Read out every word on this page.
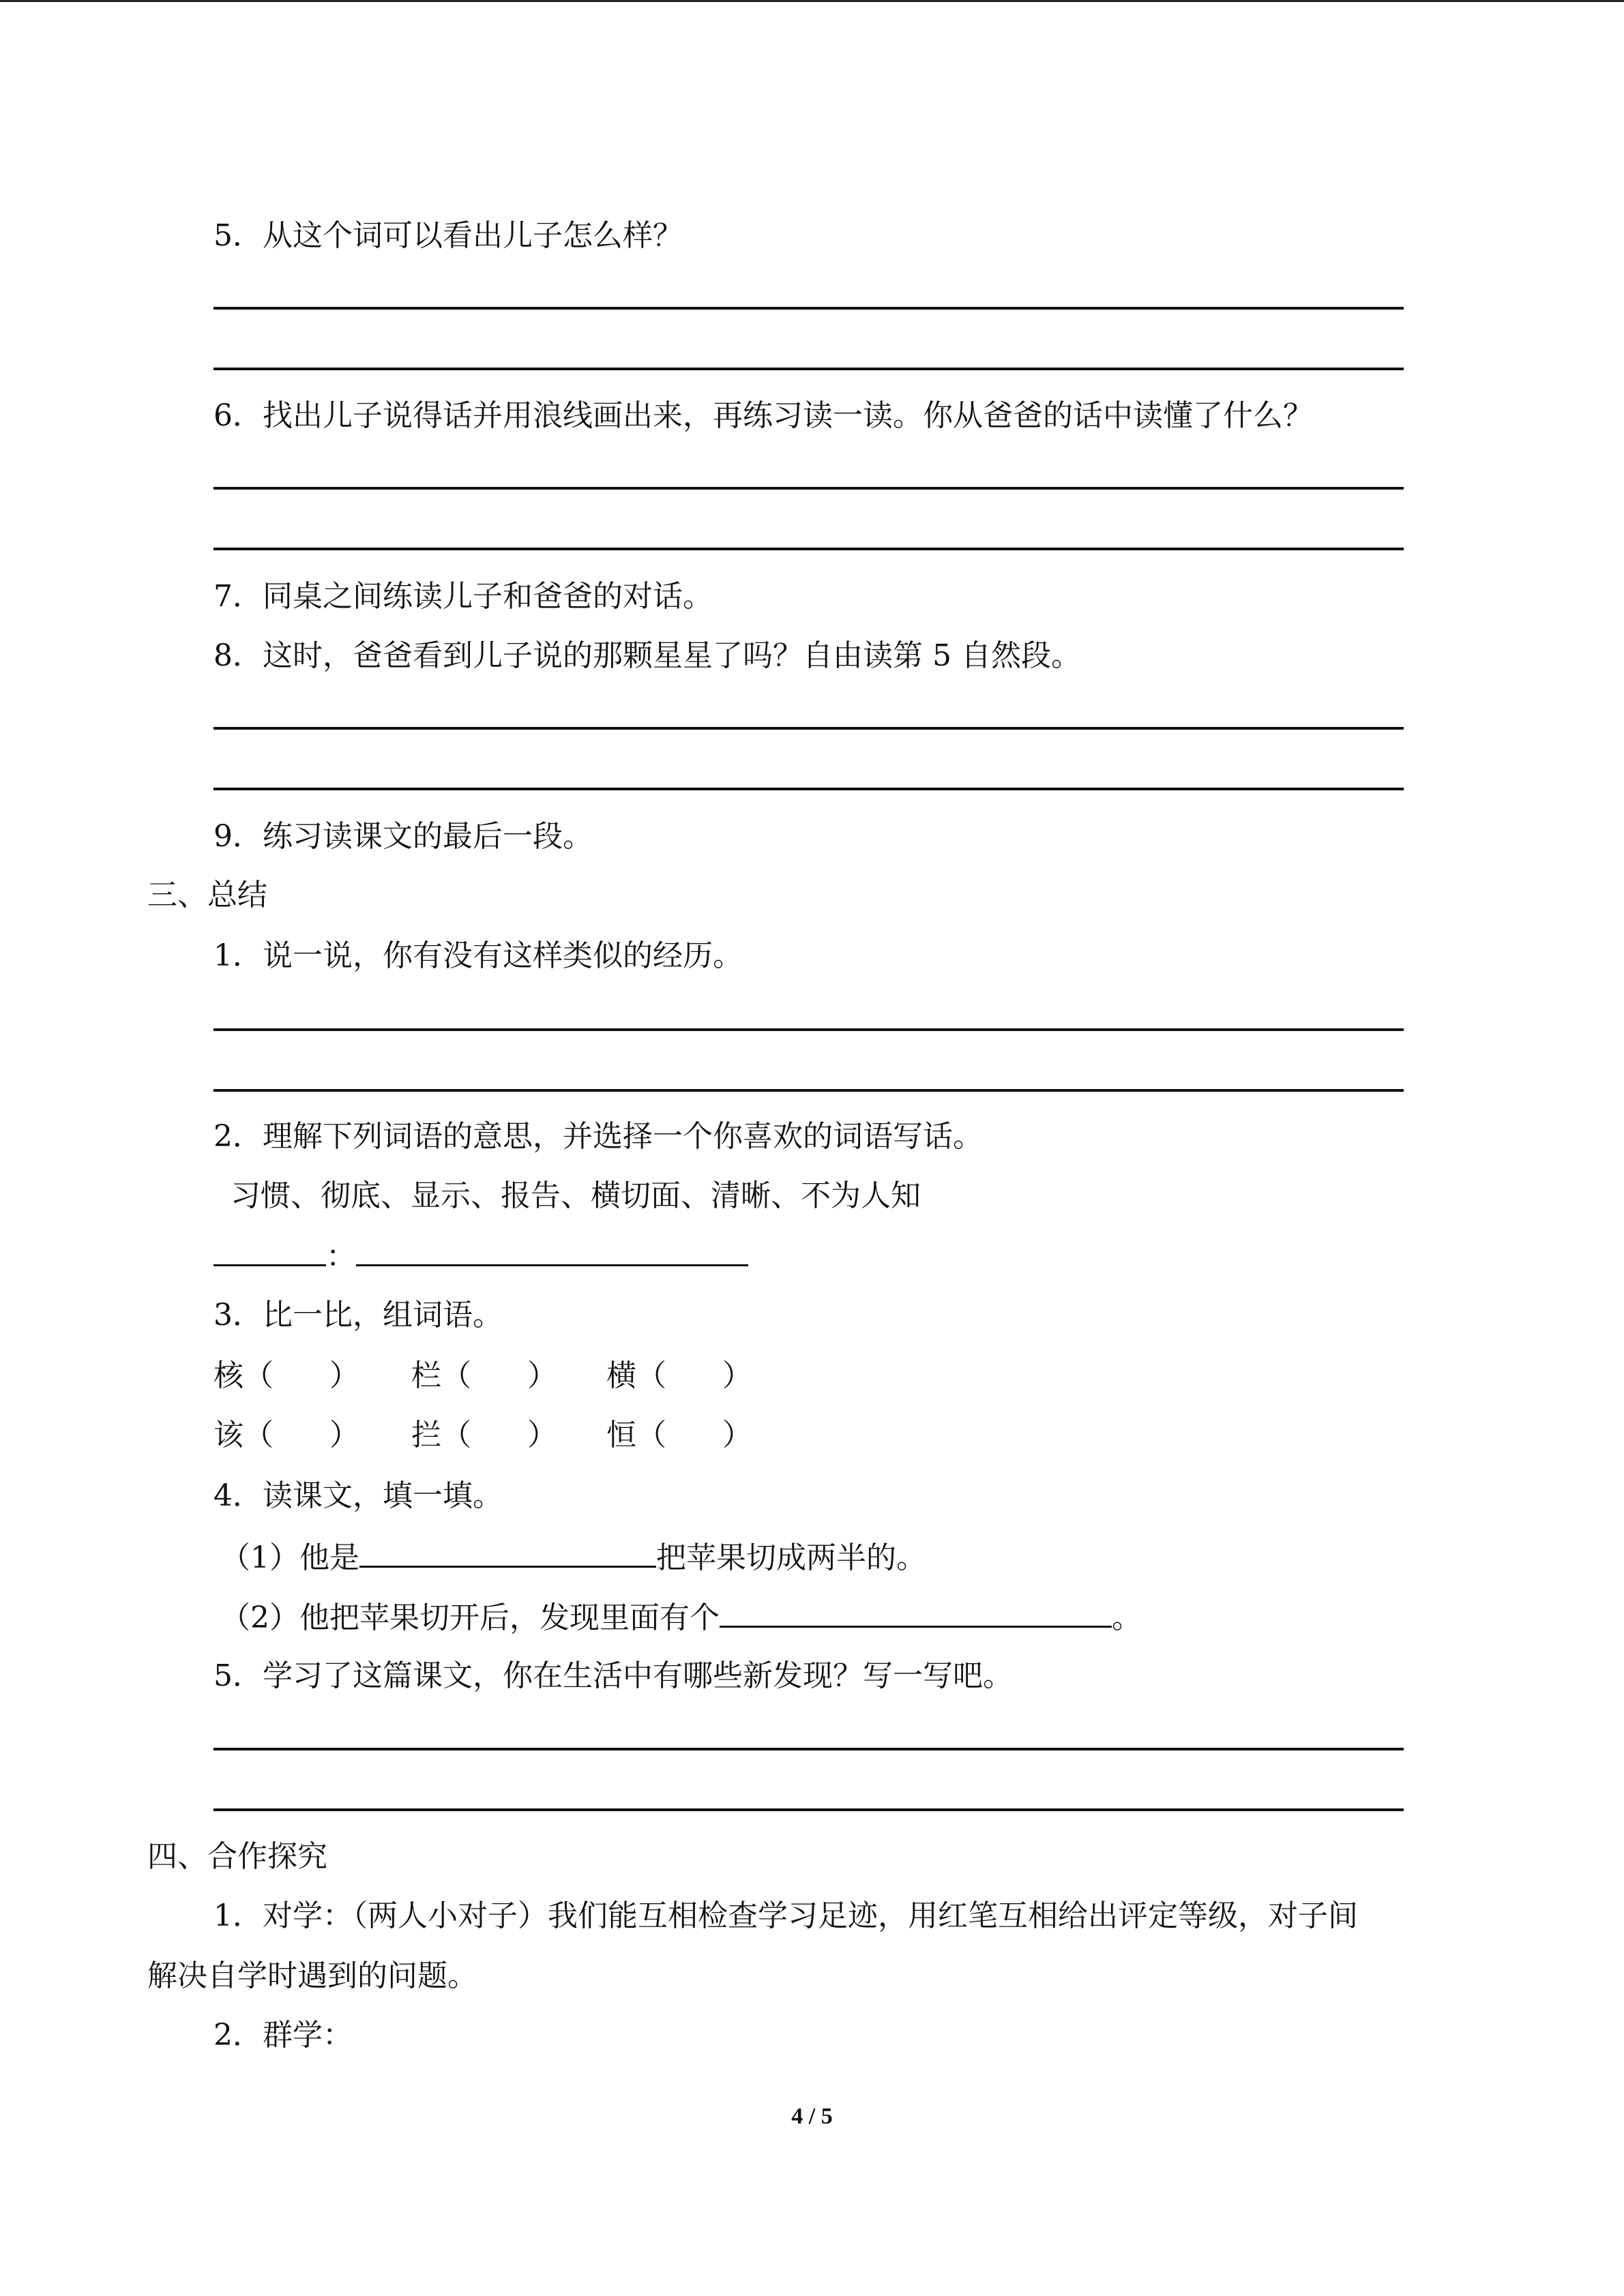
5．从这个词可以看出儿子怎么样？
6．找出儿子说得话并用浪线画出来，再练习读一读。你从爸爸的话中读懂了什么？
7．同桌之间练读儿子和爸爸的对话。
8．这时，爸爸看到儿子说的那颗星星了吗？自由读第 5 自然段。
9．练习读课文的最后一段。
三、总结
1．说一说，你有没有这样类似的经历。
2．理解下列词语的意思，并选择一个你喜欢的词语写话。
习惯、彻底、显示、报告、横切面、清晰、不为人知
：
3．比一比，组词语。
核（ ） 栏（ ） 横（ ）
该（ ） 拦（ ） 恒（ ）
4．读课文，填一填。
（1）他是	把苹果切成两半的。
（2）他把苹果切开后，发现里面有个	。
5．学习了这篇课文，你在生活中有哪些新发现？写一写吧。
四、合作探究
1．对学：（两人小对子）我们能互相检查学习足迹，用红笔互相给出评定等级，对子间
解决自学时遇到的问题。
2．群学：
4 / 5
